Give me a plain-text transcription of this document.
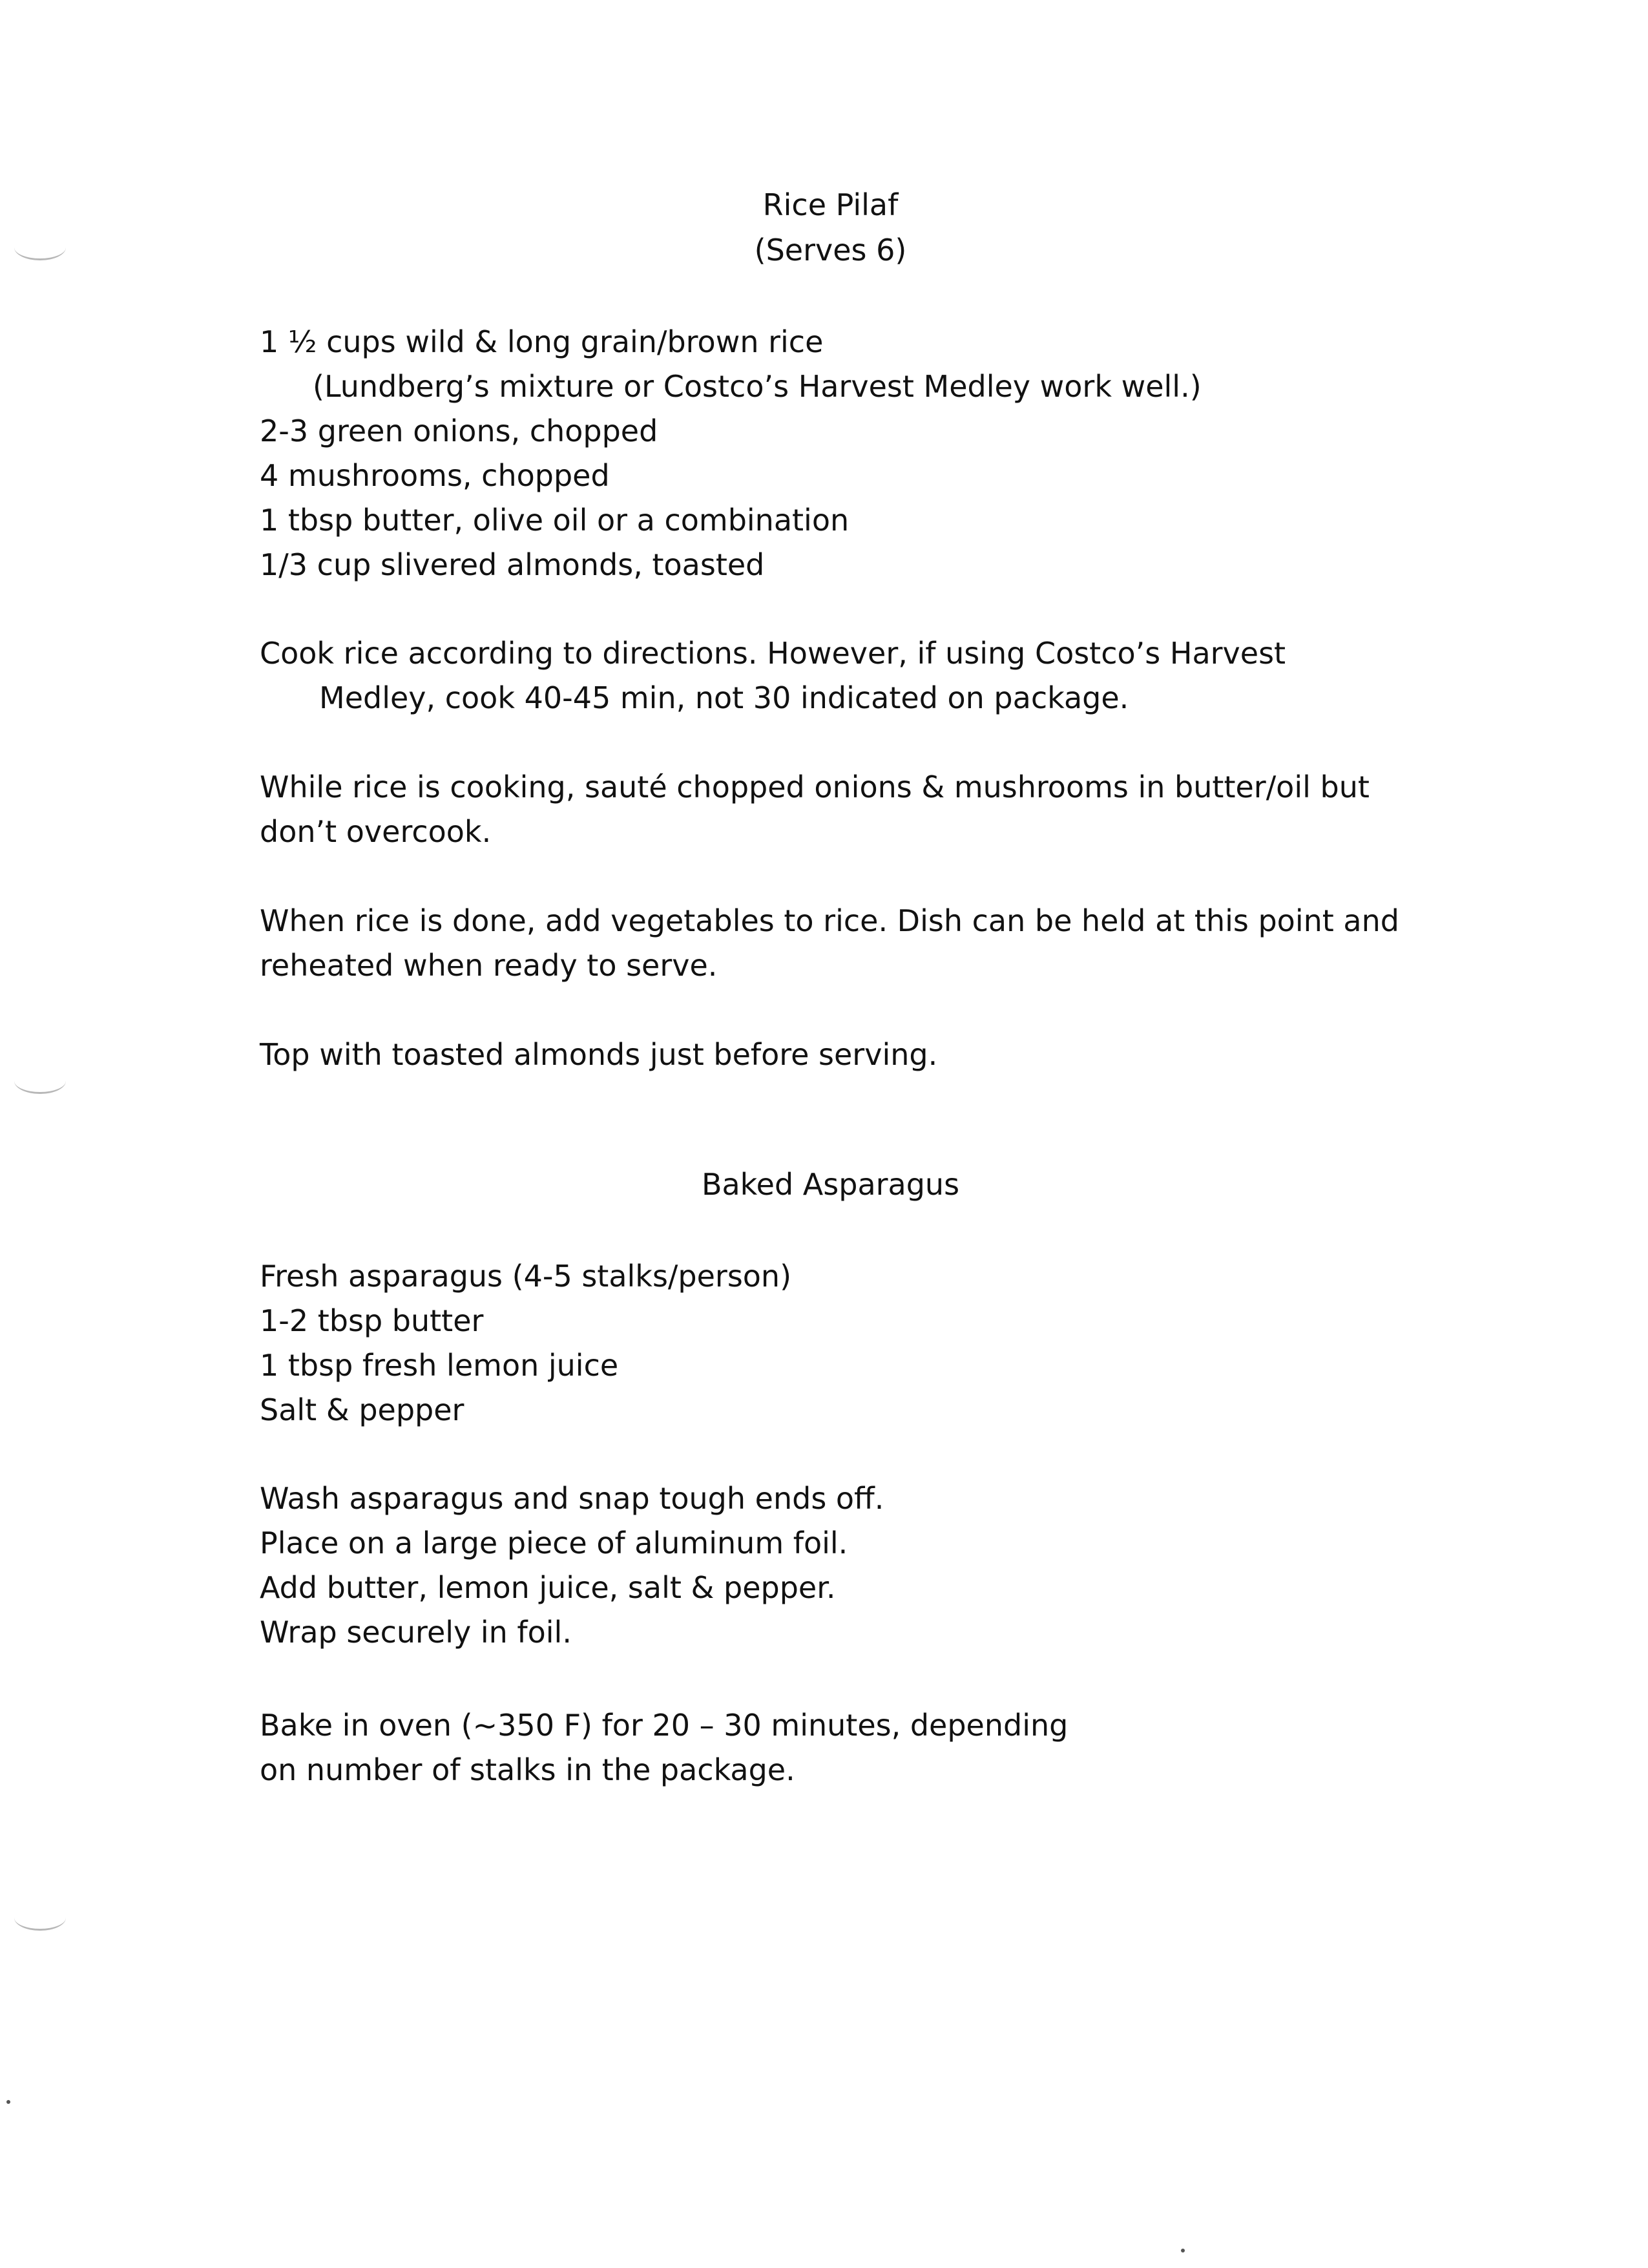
Rice Pilaf
(Serves 6)
1 ½ cups wild & long grain/brown rice
(Lundberg’s mixture or Costco’s Harvest Medley work well.)
2-3 green onions, chopped
4 mushrooms, chopped
1 tbsp butter, olive oil or a combination
1/3 cup slivered almonds, toasted
Cook rice according to directions. However, if using Costco’s Harvest
Medley, cook 40-45 min, not 30 indicated on package.
While rice is cooking, sauté chopped onions & mushrooms in butter/oil but
don’t overcook.
When rice is done, add vegetables to rice. Dish can be held at this point and
reheated when ready to serve.
Top with toasted almonds just before serving.
Baked Asparagus
Fresh asparagus (4-5 stalks/person)
1-2 tbsp butter
1 tbsp fresh lemon juice
Salt & pepper
Wash asparagus and snap tough ends off.
Place on a large piece of aluminum foil.
Add butter, lemon juice, salt & pepper.
Wrap securely in foil.
Bake in oven (~350 F) for 20 – 30 minutes, depending
on number of stalks in the package.
